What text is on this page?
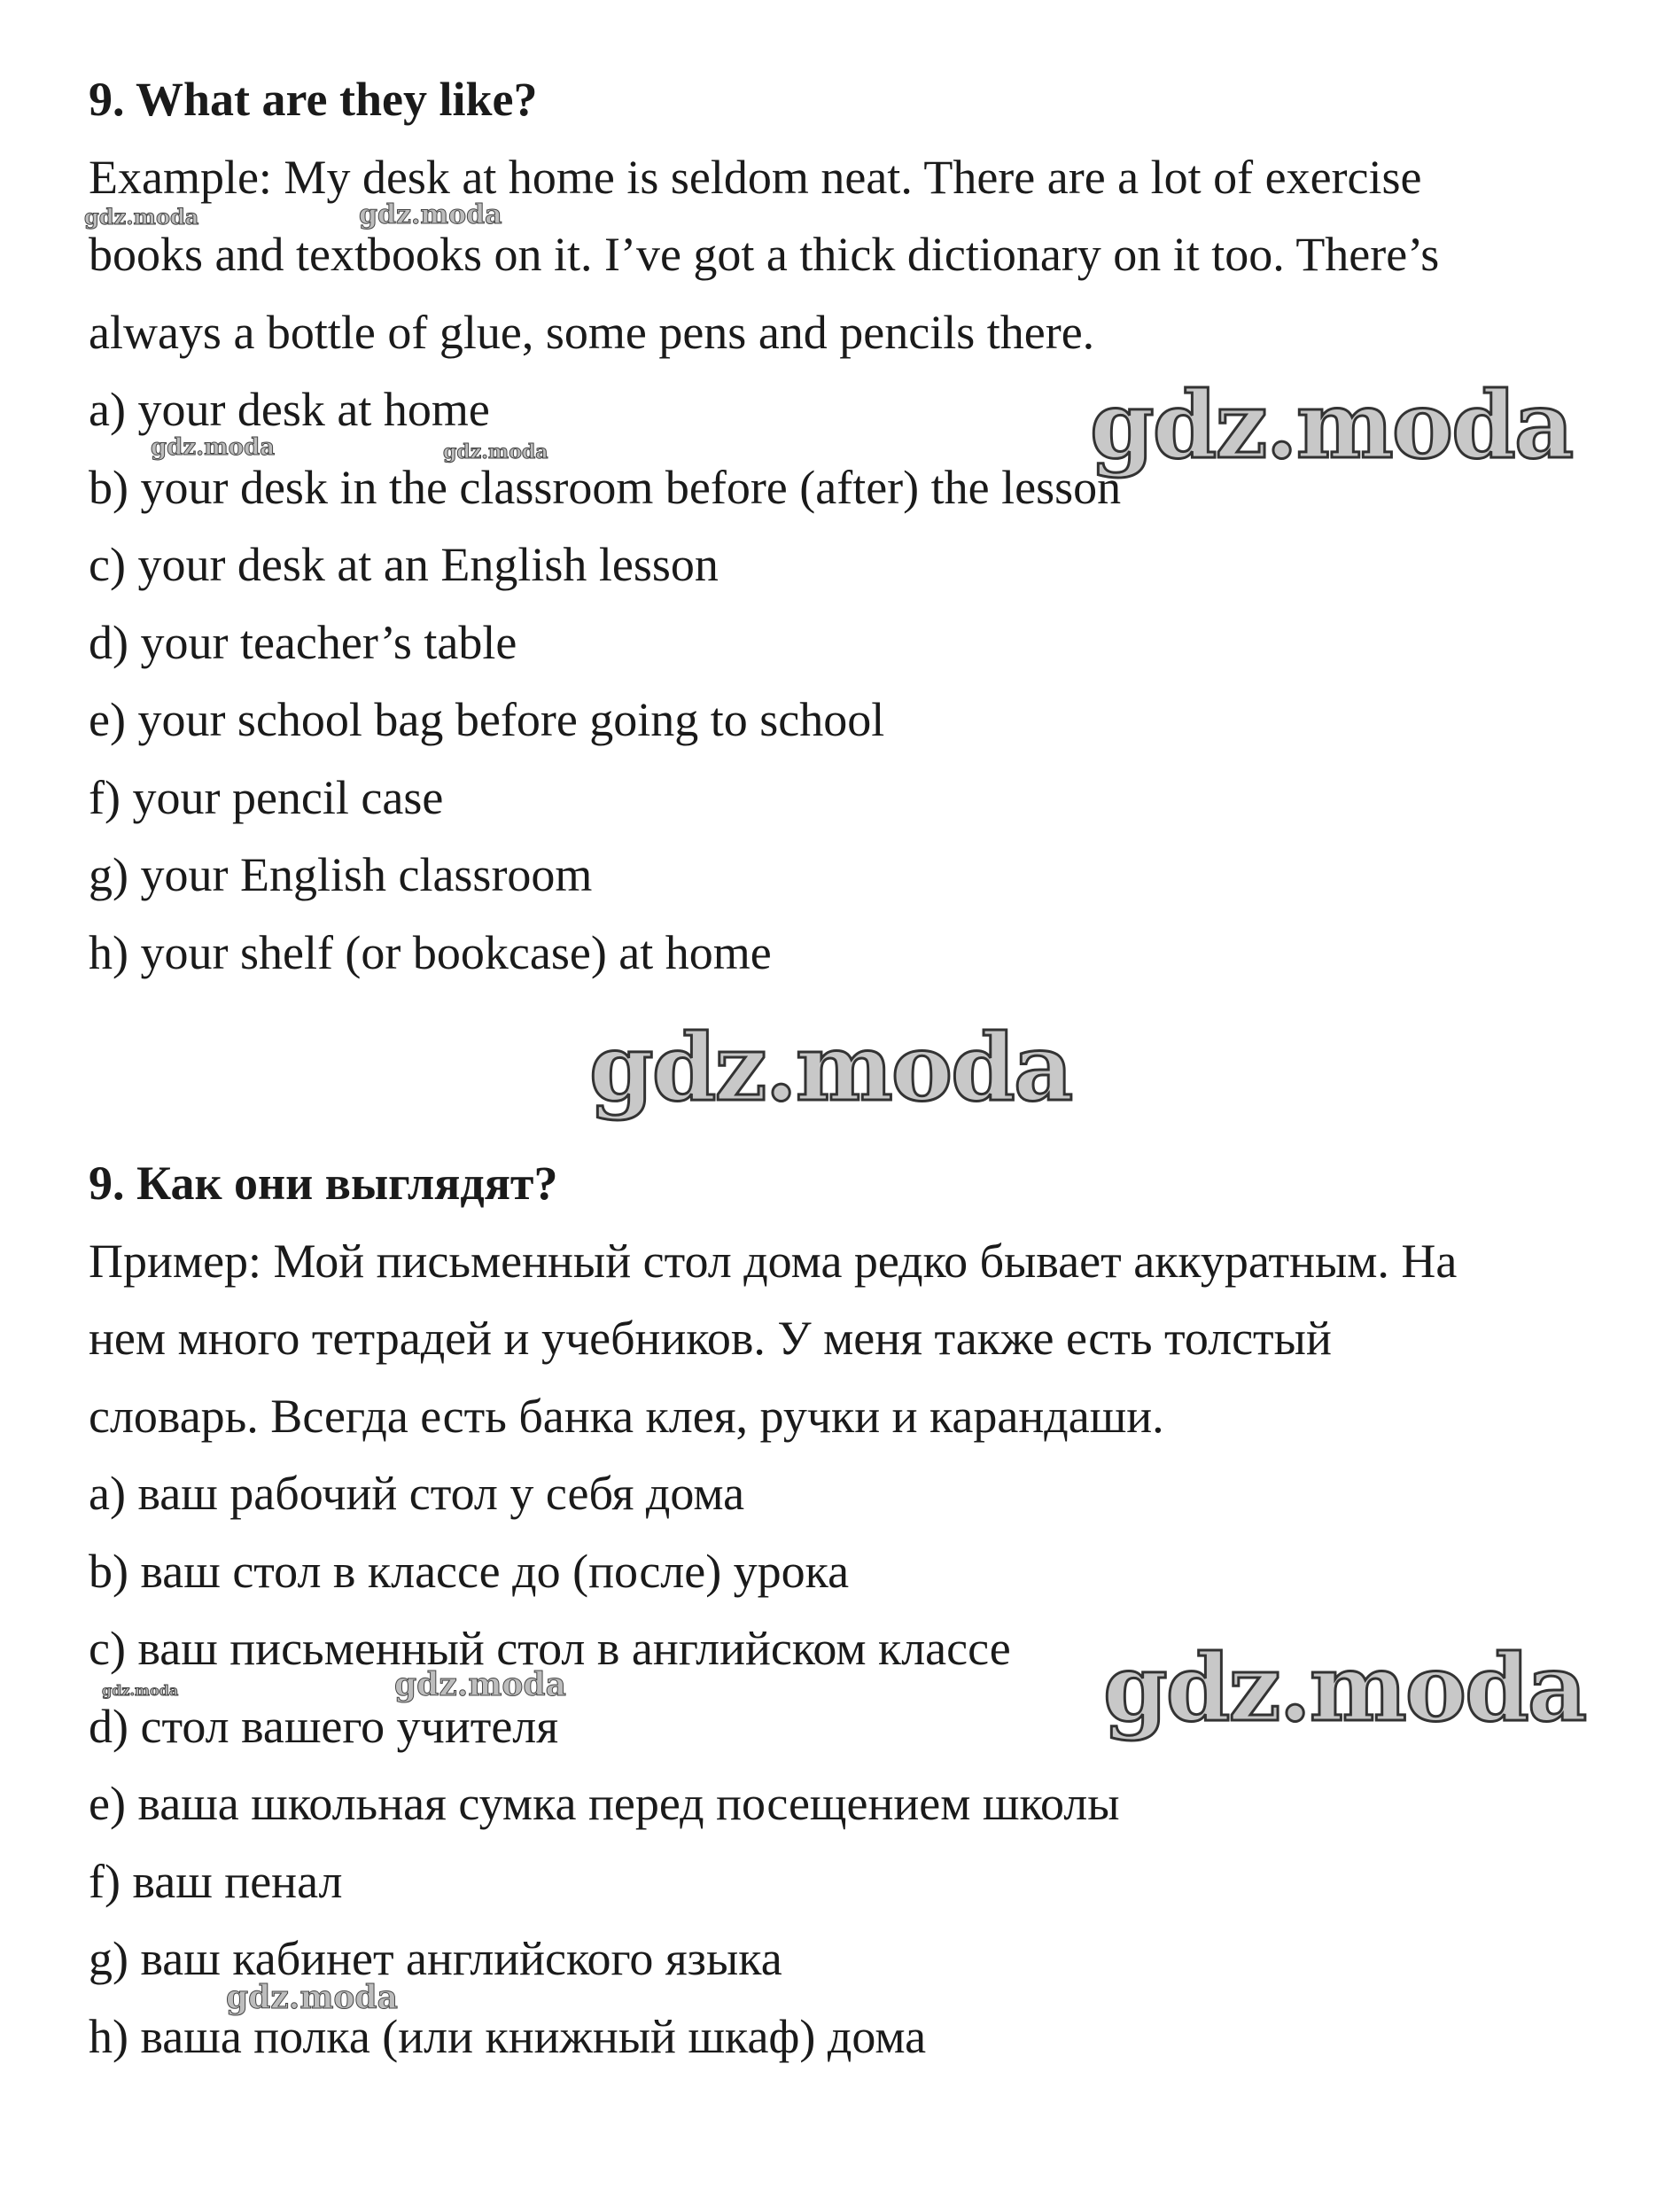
9. What are they like?
Example: My desk at home is seldom neat. There are a lot of exercise
books and textbooks on it. I’ve got a thick dictionary on it too. There’s
always a bottle of glue, some pens and pencils there.
a) your desk at home
b) your desk in the classroom before (after) the lesson
c) your desk at an English lesson
d) your teacher’s table
e) your school bag before going to school
f) your pencil case
g) your English classroom
h) your shelf (or bookcase) at home
9. Как они выглядят?
Пример: Мой письменный стол дома редко бывает аккуратным. На
нем много тетрадей и учебников. У меня также есть толстый
словарь. Всегда есть банка клея, ручки и карандаши.
a) ваш рабочий стол у себя дома
b) ваш стол в классе до (после) урока
c) ваш письменный стол в английском классе
d) стол вашего учителя
e) ваша школьная сумка перед посещением школы
f) ваш пенал
g) ваш кабинет английского языка
h) ваша полка (или книжный шкаф) дома
gdz.moda
gdz.moda
gdz.moda
gdz.moda	gdz.moda
gdz.moda	gdz.moda
gdz.moda	gdz.moda
gdz.moda
